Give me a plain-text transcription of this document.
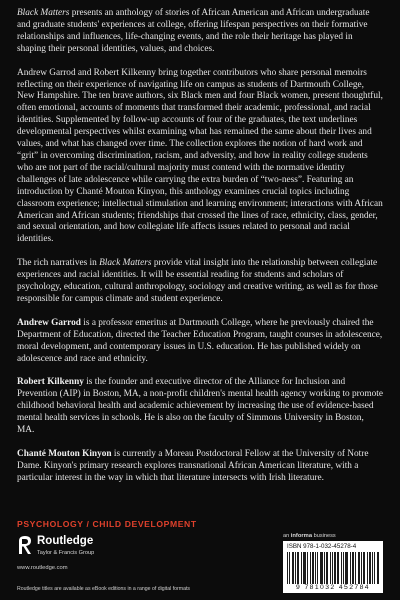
Black Matters presents an anthology of stories of African American and African undergraduate and graduate students' experiences at college, offering lifespan perspectives on their formative relationships and influences, life-changing events, and the role their heritage has played in shaping their personal identities, values, and choices.

Andrew Garrod and Robert Kilkenny bring together contributors who share personal memoirs reflecting on their experience of navigating life on campus as students of Dartmouth College, New Hampshire. The ten brave authors, six Black men and four Black women, present thoughtful, often emotional, accounts of moments that transformed their academic, professional, and racial identities. Supplemented by follow-up accounts of four of the graduates, the text underlines developmental perspectives whilst examining what has remained the same about their lives and values, and what has changed over time. The collection explores the notion of hard work and “grit” in overcoming discrimination, racism, and adversity, and how in reality college students who are not part of the racial/cultural majority must contend with the normative identity challenges of late adolescence while carrying the extra burden of “two-ness”. Featuring an introduction by Chanté Mouton Kinyon, this anthology examines crucial topics including classroom experience; intellectual stimulation and learning environment; interactions with African American and African students; friendships that crossed the lines of race, ethnicity, class, gender, and sexual orientation, and how collegiate life affects issues related to personal and racial identities.

The rich narratives in Black Matters provide vital insight into the relationship between collegiate experiences and racial identities. It will be essential reading for students and scholars of psychology, education, cultural anthropology, sociology and creative writing, as well as for those responsible for campus climate and student experience.

Andrew Garrod is a professor emeritus at Dartmouth College, where he previously chaired the Department of Education, directed the Teacher Education Program, taught courses in adolescence, moral development, and contemporary issues in U.S. education. He has published widely on adolescence and race and ethnicity.

Robert Kilkenny is the founder and executive director of the Alliance for Inclusion and Prevention (AIP) in Boston, MA, a non-profit children's mental health agency working to promote childhood behavioral health and academic achievement by increasing the use of evidence-based mental health services in schools. He is also on the faculty of Simmons University in Boston, MA.

Chanté Mouton Kinyon is currently a Moreau Postdoctoral Fellow at the University of Notre Dame. Kinyon's primary research explores transnational African American literature, with a particular interest in the way in which that literature intersects with Irish literature.

PSYCHOLOGY / CHILD DEVELOPMENT
Routledge
Taylor & Francis Group
www.routledge.com
an informa business
ISBN 978-1-032-45278-4
9 781032 452784
Routledge titles are available as eBook editions in a range of digital formats
